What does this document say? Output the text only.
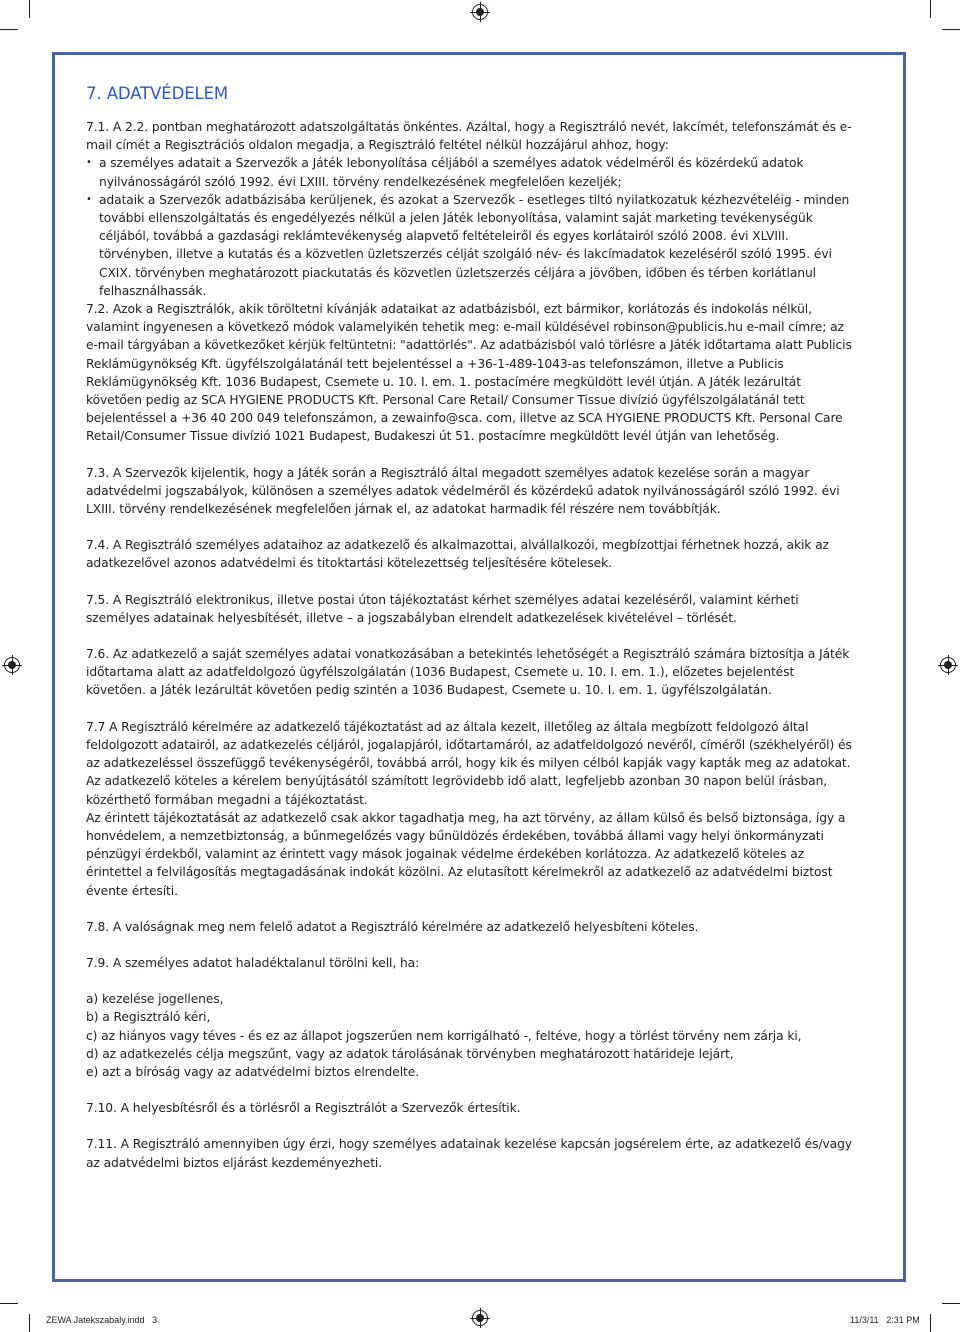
7. ADATVÉDELEM

7.1. A 2.2. pontban meghatározott adatszolgáltatás önkéntes. Azáltal, hogy a Regisztráló nevét, lakcímét, telefonszámát és e-mail címét a Regisztrációs oldalon megadja, a Regisztráló feltétel nélkül hozzájárul ahhoz, hogy:

• a személyes adatait a Szervezők a Játék lebonyolítása céljából a személyes adatok védelméről és közérdekű adatok nyilvánosságáról szóló 1992. évi LXIII. törvény rendelkezésének megfelelően kezeljék;

• adataik a Szervezők adatbázisába kerüljenek, és azokat a Szervezők - esetleges tiltó nyilatkozatuk kézhezvételéig - minden további ellenszolgáltatás és engedélyezés nélkül a jelen Játék lebonyolítása, valamint saját marketing tevékenységük céljából, továbbá a gazdasági reklámtevékenység alapvető feltételeiről és egyes korlátairól szóló 2008. évi XLVIII. törvényben, illetve a kutatás és a közvetlen üzletszerzés célját szolgáló név- és lakcímadatok kezeléséről szóló 1995. évi CXIX. törvényben meghatározott piackutatás és közvetlen üzletszerzés céljára a jövőben, időben és térben korlátlanul felhasználhassák.

7.2. Azok a Regisztrálók, akik töröltetni kívánják adataikat az adatbázisból, ezt bármikor, korlátozás és indokolás nélkül, valamint ingyenesen a következő módok valamelyikén tehetik meg: e-mail küldésével robinson@publicis.hu e-mail címre; az e-mail tárgyában a következőket kérjük feltüntetni: "adattörlés". Az adatbázisból való törlésre a Játék időtartama alatt Publicis Reklámügynökség Kft. ügyfélszolgálatánál tett bejelentéssel a +36-1-489-1043-as telefonszámon, illetve a Publicis Reklámügynökség Kft. 1036 Budapest, Csemete u. 10. I. em. 1. postacímére megküldött levél útján. A Játék lezárultát követően pedig az SCA HYGIENE PRODUCTS Kft. Personal Care Retail/ Consumer Tissue divízió ügyfélszolgálatánál tett bejelentéssel a +36 40 200 049 telefonszámon, a zewainfo@sca. com, illetve az SCA HYGIENE PRODUCTS Kft. Personal Care Retail/Consumer Tissue divízió 1021 Budapest, Budakeszi út 51. postacímre megküldött levél útján van lehetőség.

7.3. A Szervezők kijelentik, hogy a Játék során a Regisztráló által megadott személyes adatok kezelése során a magyar adatvédelmi jogszabályok, különösen a személyes adatok védelméről és közérdekű adatok nyilvánosságáról szóló 1992. évi LXIII. törvény rendelkezésének megfelelően járnak el, az adatokat harmadik fél részére nem továbbítják.

7.4. A Regisztráló személyes adataihoz az adatkezelő és alkalmazottai, alvállalkozói, megbízottjai férhetnek hozzá, akik az adatkezelővel azonos adatvédelmi és titoktartási kötelezettség teljesítésére kötelesek.

7.5. A Regisztráló elektronikus, illetve postai úton tájékoztatást kérhet személyes adatai kezeléséről, valamint kérheti személyes adatainak helyesbítését, illetve – a jogszabályban elrendelt adatkezelések kivételével – törlését.

7.6. Az adatkezelő a saját személyes adatai vonatkozásában a betekintés lehetőségét a Regisztráló számára biztosítja a Játék időtartama alatt az adatfeldolgozó ügyfélszolgálatán (1036 Budapest, Csemete u. 10. I. em. 1.), előzetes bejelentést követően. a Játék lezárultát követően pedig szintén a 1036 Budapest, Csemete u. 10. I. em. 1. ügyfélszolgálatán.

7.7 A Regisztráló kérelmére az adatkezelő tájékoztatást ad az általa kezelt, illetőleg az általa megbízott feldolgozó által feldolgozott adatairól, az adatkezelés céljáról, jogalapjáról, időtartamáról, az adatfeldolgozó nevéről, címéről (székhelyéről) és az adatkezeléssel összefüggő tevékenységéről, továbbá arról, hogy kik és milyen célból kapják vagy kapták meg az adatokat. Az adatkezelő köteles a kérelem benyújtásától számított legrövidebb idő alatt, legfeljebb azonban 30 napon belül írásban, közérthető formában megadni a tájékoztatást.

Az érintett tájékoztatását az adatkezelő csak akkor tagadhatja meg, ha azt törvény, az állam külső és belső biztonsága, így a honvédelem, a nemzetbiztonság, a bűnmegelőzés vagy bűnüldözés érdekében, továbbá állami vagy helyi önkormányzati pénzügyi érdekből, valamint az érintett vagy mások jogainak védelme érdekében korlátozza. Az adatkezelő köteles az érintettel a felvilágosítás megtagadásának indokát közölni. Az elutasított kérelmekről az adatkezelő az adatvédelmi biztost évente értesíti.

7.8. A valóságnak meg nem felelő adatot a Regisztráló kérelmére az adatkezelő helyesbíteni köteles.

7.9. A személyes adatot haladéktalanul törölni kell, ha:

a) kezelése jogellenes,

b) a Regisztráló kéri,

c) az hiányos vagy téves - és ez az állapot jogszerűen nem korrigálható -, feltéve, hogy a törlést törvény nem zárja ki,

d) az adatkezelés célja megszűnt, vagy az adatok tárolásának törvényben meghatározott határideje lejárt,

e) azt a bíróság vagy az adatvédelmi biztos elrendelte.

7.10. A helyesbítésről és a törlésről a Regisztrálót a Szervezők értesítik.

7.11. A Regisztráló amennyiben úgy érzi, hogy személyes adatainak kezelése kapcsán jogsérelem érte, az adatkezelő és/vagy az adatvédelmi biztos eljárást kezdeményezheti.

ZEWA Jatekszabaly.indd   3	11/3/11   2:31 PM
